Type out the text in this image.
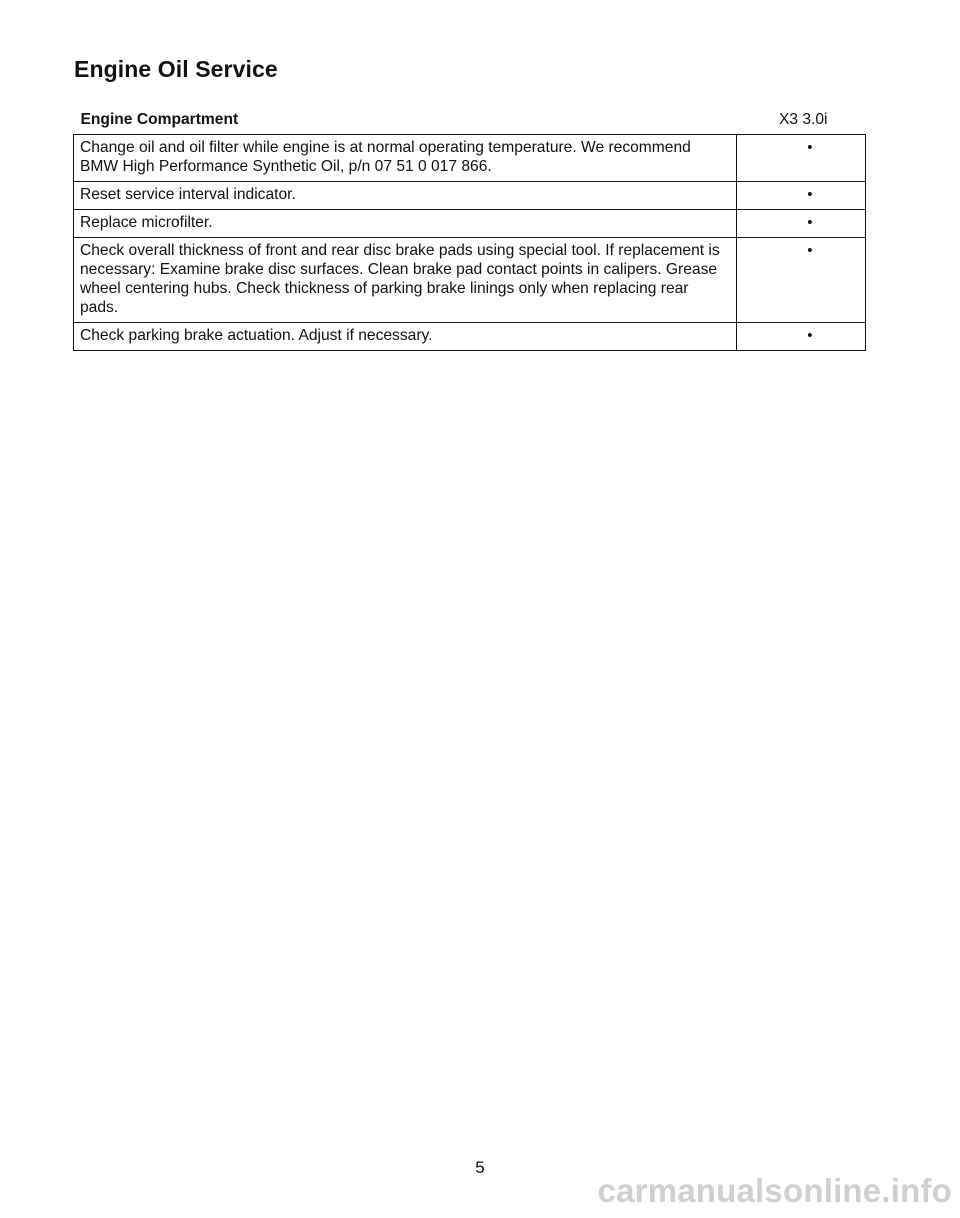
Engine Oil Service
Engine Compartment	X3 3.0i
Change oil and oil filter while engine is at normal operating temperature. We recommend BMW High Performance Synthetic Oil, p/n 07 51 0 017 866.	•
Reset service interval indicator.	•
Replace microfilter.	•
Check overall thickness of front and rear disc brake pads using special tool. If replacement is necessary: Examine brake disc surfaces. Clean brake pad contact points in calipers. Grease wheel centering hubs. Check thickness of parking brake linings only when replacing rear pads.	•
Check parking brake actuation. Adjust if necessary.	•
5
carmanualsonline.info
